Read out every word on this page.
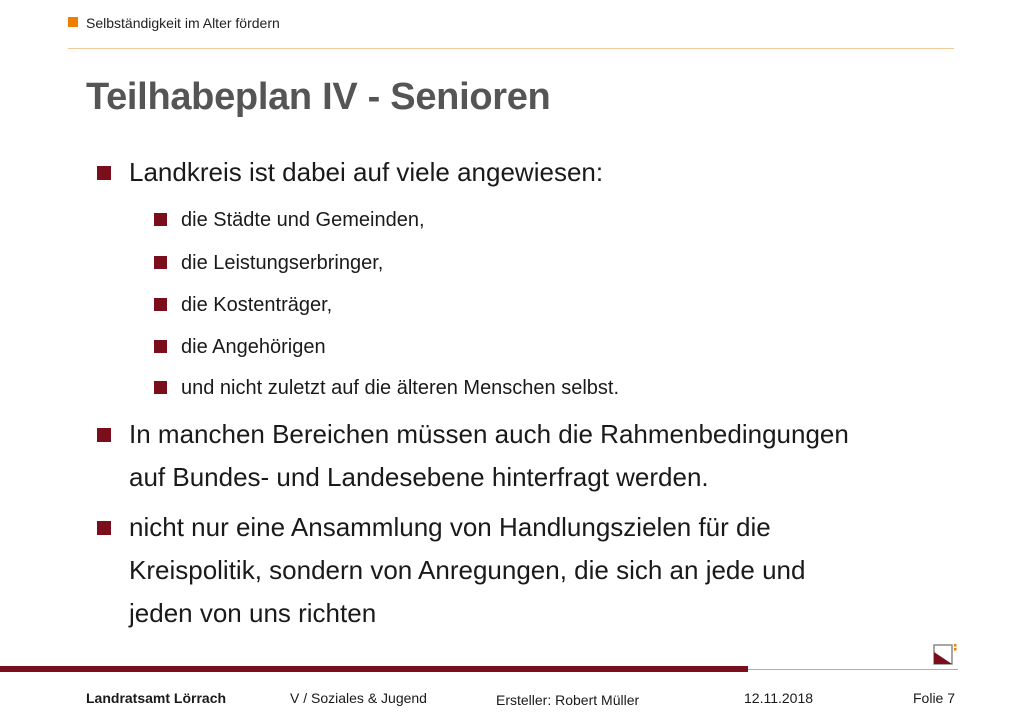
Selbständigkeit im Alter fördern
Teilhabeplan IV - Senioren
Landkreis ist dabei auf viele angewiesen:
die Städte und Gemeinden,
die Leistungserbringer,
die Kostenträger,
die Angehörigen
und nicht zuletzt auf die älteren Menschen selbst.
In manchen Bereichen müssen auch die Rahmenbedingungen
auf Bundes- und Landesebene hinterfragt werden.
nicht nur eine Ansammlung von Handlungszielen für die
Kreispolitik, sondern von Anregungen, die sich an jede und
jeden von uns richten
Landratsamt Lörrach	V / Soziales & Jugend	Ersteller: Robert Müller	12.11.2018	Folie 7
